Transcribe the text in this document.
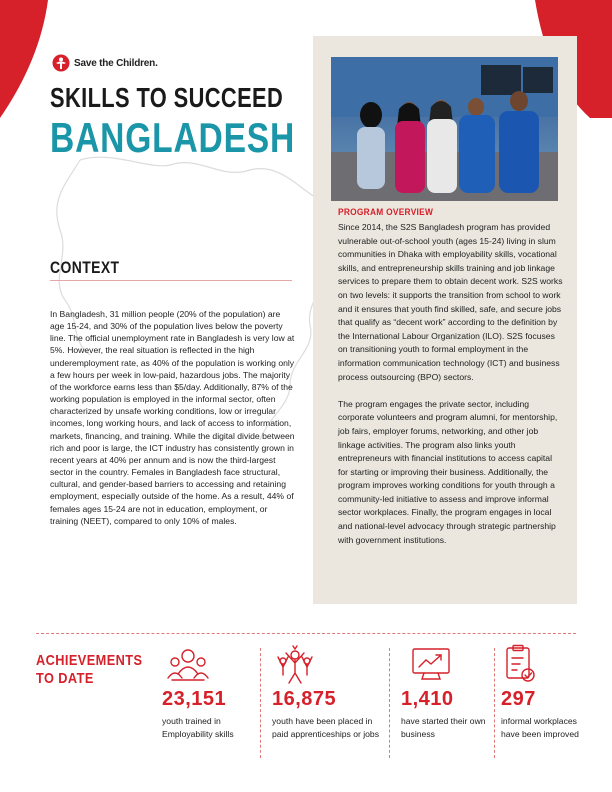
Save the Children.
SKILLS TO SUCCEED
BANGLADESH
CONTEXT
In Bangladesh, 31 million people (20% of the population) are age 15-24, and 30% of the population lives below the poverty line. The official unemployment rate in Bangladesh is very low at 5%. However, the real situation is reflected in the high underemployment rate, as 40% of the population is working only a few hours per week in low-paid, hazardous jobs. The majority of the workforce earns less than $5/day. Additionally, 87% of the working population is employed in the informal sector, often characterized by unsafe working conditions, low or irregular incomes, long working hours, and lack of access to information, markets, financing, and training. While the digital divide between rich and poor is large, the ICT industry has consistently grown in recent years at 40% per annum and is now the third-largest sector in the country. Females in Bangladesh face structural, cultural, and gender-based barriers to accessing and retaining employment, especially outside of the home. As a result, 44% of females ages 15-24 are not in education, employment, or training (NEET), compared to only 10% of males.
PROGRAM OVERVIEW

Since 2014, the S2S Bangladesh program has provided vulnerable out-of-school youth (ages 15-24) living in slum communities in Dhaka with employability skills, vocational skills, and entrepreneurship skills training and job linkage services to prepare them to obtain decent work. S2S works on two levels: it supports the transition from school to work and it ensures that youth find skilled, safe, and secure jobs that qualify as “decent work” according to the definition by the International Labour Organization (ILO). S2S focuses on transitioning youth to formal employment in the information communication technology (ICT) and business process outsourcing (BPO) sectors.

The program engages the private sector, including corporate volunteers and program alumni, for mentorship, job fairs, employer forums, networking, and other job linkage activities. The program also links youth entrepreneurs with financial institutions to access capital for starting or improving their business. Additionally, the program improves working conditions for youth through a community-led initiative to assess and improve informal sector workplaces. Finally, the program engages in local and national-level advocacy through strategic partnership with government institutions.

ACHIEVEMENTS
TO DATE
23,151
youth trained in Employability skills
16,875
youth have been placed in paid apprenticeships or jobs
1,410
have started their own business
297
informal workplaces have been improved
